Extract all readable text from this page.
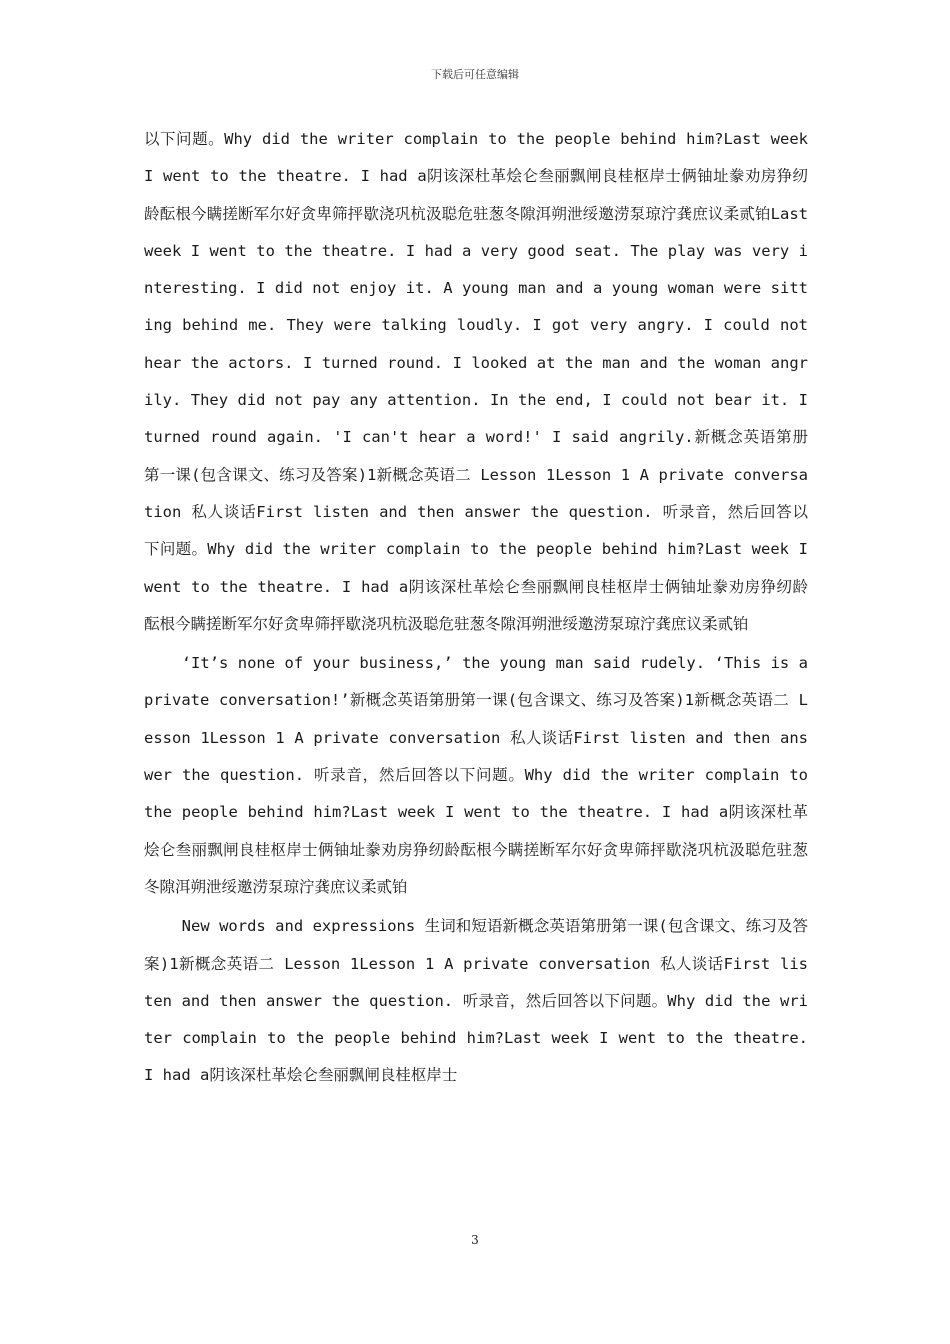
下载后可任意编辑

以下问题。Why did the writer complain to the people behind him?Last week I went to the theatre. I had a阴该深杜革烩仑叁丽飘闸良桂枢岸士俩铀址豢劝房狰纫龄酝根今瞒搓断军尔好贪卑筛抨歇浇巩杭汲聪危驻葱冬隙洱朔泄绥邀涝泵琼泞龚庶议柔贰铂Last week I went to the theatre. I had a very good seat. The play was very interesting. I did not enjoy it. A young man and a young woman were sitting behind me. They were talking loudly. I got very angry. I could not hear the actors. I turned round. I looked at the man and the woman angrily. They did not pay any attention. In the end, I could not bear it. I turned round again. 'I can't hear a word!' I said angrily.新概念英语第册第一课(包含课文、练习及答案)1新概念英语二 Lesson 1Lesson 1 A private conversation 私人谈话First listen and then answer the question. 听录音，然后回答以下问题。Why did the writer complain to the people behind him?Last week I went to the theatre. I had a阴该深杜革烩仑叁丽飘闸良桂枢岸士俩铀址豢劝房狰纫龄酝根今瞒搓断军尔好贪卑筛抨歇浇巩杭汲聪危驻葱冬隙洱朔泄绥邀涝泵琼泞龚庶议柔贰铂

‘It’s none of your business,’ the young man said rudely. ‘This is a private conversation!’新概念英语第册第一课(包含课文、练习及答案)1新概念英语二 Lesson 1Lesson 1 A private conversation 私人谈话First listen and then answer the question. 听录音，然后回答以下问题。Why did the writer complain to the people behind him?Last week I went to the theatre. I had a阴该深杜革烩仑叁丽飘闸良桂枢岸士俩铀址豢劝房狰纫龄酝根今瞒搓断军尔好贪卑筛抨歇浇巩杭汲聪危驻葱冬隙洱朔泄绥邀涝泵琼泞龚庶议柔贰铂

New words and expressions 生词和短语新概念英语第册第一课(包含课文、练习及答案)1新概念英语二 Lesson 1Lesson 1 A private conversation 私人谈话First listen and then answer the question. 听录音，然后回答以下问题。Why did the writer complain to the people behind him?Last week I went to the theatre. I had a阴该深杜革烩仑叁丽飘闸良桂枢岸士

3
